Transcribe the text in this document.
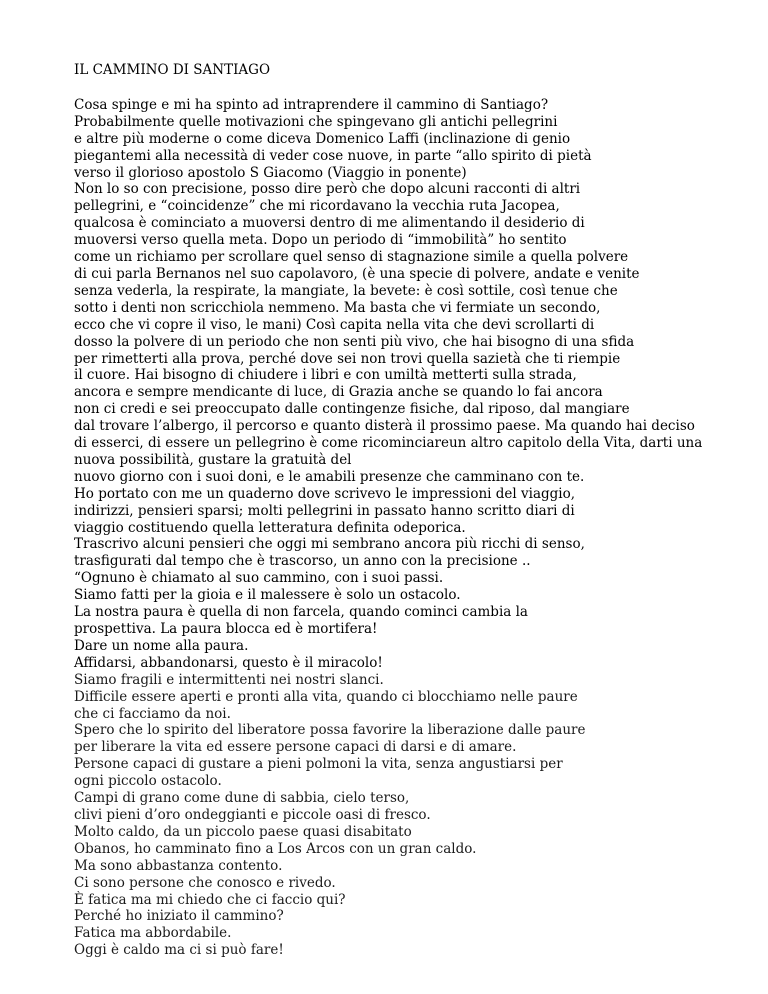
IL CAMMINO DI SANTIAGO
Cosa spinge e mi ha spinto ad intraprendere il cammino di Santiago?
Probabilmente quelle motivazioni che spingevano gli antichi pellegrini
e altre più moderne o come diceva Domenico Laffi (inclinazione di genio
piegantemi alla necessità di veder cose nuove, in parte “allo spirito di pietà
verso il glorioso apostolo S Giacomo (Viaggio in ponente)
Non lo so con precisione, posso dire però che dopo alcuni racconti di altri
pellegrini, e “coincidenze” che mi ricordavano la vecchia ruta Jacopea,
qualcosa è cominciato a muoversi dentro di me alimentando il desiderio di
muoversi verso quella meta. Dopo un periodo di “immobilità” ho sentito
come un richiamo per scrollare quel senso di stagnazione simile a quella polvere
di cui parla Bernanos nel suo capolavoro, (è una specie di polvere, andate e venite
senza vederla, la respirate, la mangiate, la bevete: è così sottile, così tenue che
sotto i denti non scricchiola nemmeno. Ma basta che vi fermiate un secondo,
ecco che vi copre il viso, le mani) Così capita nella vita che devi scrollarti di
dosso la polvere di un periodo che non senti più vivo, che hai bisogno di una sfida
per rimetterti alla prova, perché dove sei non trovi quella sazietà che ti riempie
il cuore. Hai bisogno di chiudere i libri e con umiltà metterti sulla strada,
ancora e sempre mendicante di luce, di Grazia anche se quando lo fai ancora
non ci credi e sei preoccupato dalle contingenze fisiche, dal riposo, dal mangiare
dal trovare l’albergo, il percorso e quanto disterà il prossimo paese. Ma quando hai deciso
di esserci, di essere un pellegrino è come ricominciareun altro capitolo della Vita, darti una
nuova possibilità, gustare la gratuità del
nuovo giorno con i suoi doni, e le amabili presenze che camminano con te.
Ho portato con me un quaderno dove scrivevo le impressioni del viaggio,
indirizzi, pensieri sparsi; molti pellegrini in passato hanno scritto diari di
viaggio costituendo quella letteratura definita odeporica.
Trascrivo alcuni pensieri che oggi mi sembrano ancora più ricchi di senso,
trasfigurati dal tempo che è trascorso, un anno con la precisione ..
“Ognuno è chiamato al suo cammino, con i suoi passi.
Siamo fatti per la gioia e il malessere è solo un ostacolo.
La nostra paura è quella di non farcela, quando cominci cambia la
prospettiva. La paura blocca ed è mortifera!
Dare un nome alla paura.
Affidarsi, abbandonarsi, questo è il miracolo!
Siamo fragili e intermittenti nei nostri slanci.
Difficile essere aperti e pronti alla vita, quando ci blocchiamo nelle paure
che ci facciamo da noi.
Spero che lo spirito del liberatore possa favorire la liberazione dalle paure
per liberare la vita ed essere persone capaci di darsi e di amare.
Persone capaci di gustare a pieni polmoni la vita, senza angustiarsi per
ogni piccolo ostacolo.
Campi di grano come dune di sabbia, cielo terso,
clivi pieni d’oro ondeggianti e piccole oasi di fresco.
Molto caldo, da un piccolo paese quasi disabitato
Obanos, ho camminato fino a Los Arcos con un gran caldo.
Ma sono abbastanza contento.
Ci sono persone che conosco e rivedo.
È fatica ma mi chiedo che ci faccio qui?
Perché ho iniziato il cammino?
Fatica ma abbordabile.
Oggi è caldo ma ci si può fare!
